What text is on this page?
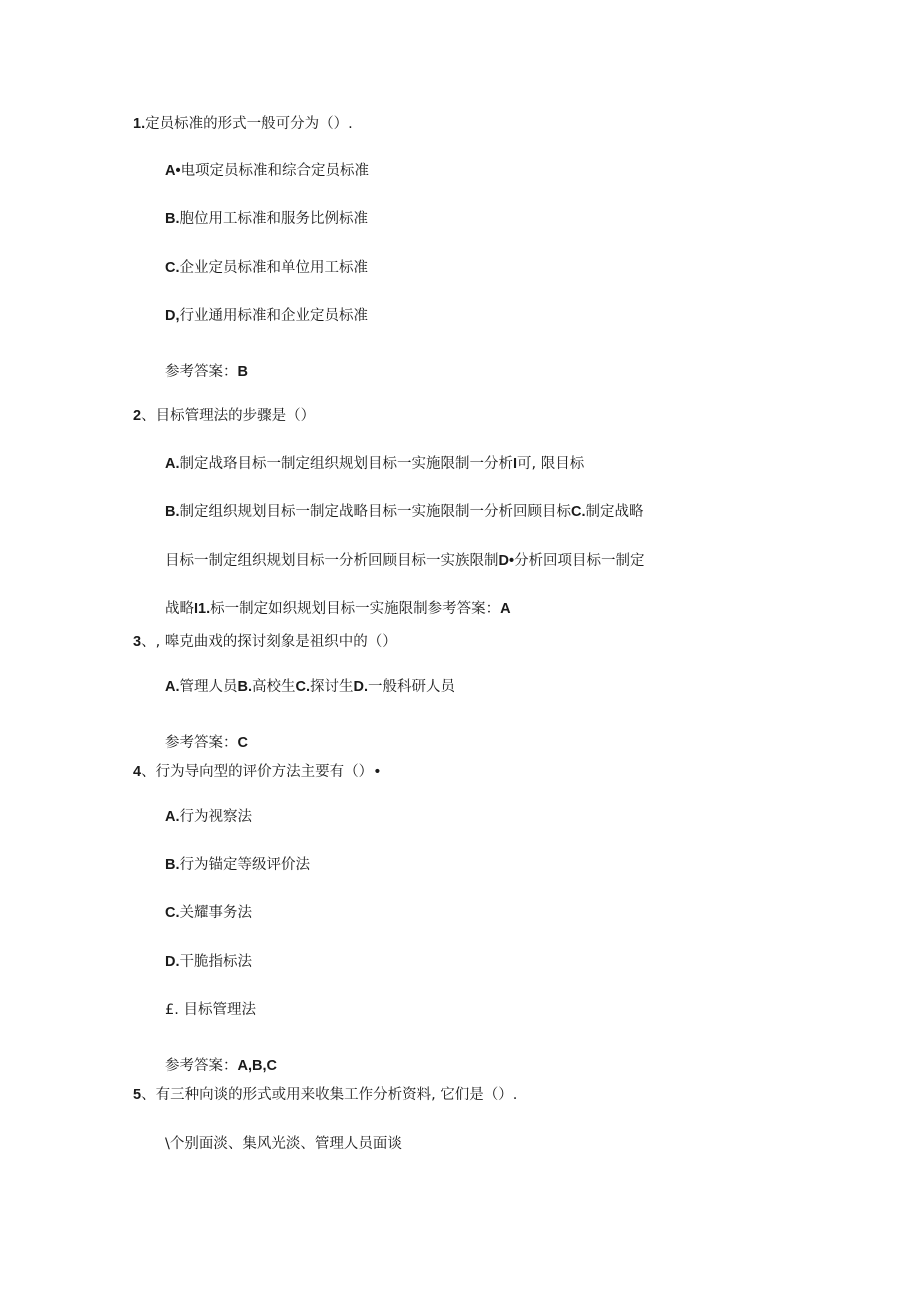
1.定员标准的形式一般可分为（）.
A•电项定员标准和综合定员标准
B.胞位用工标准和服务比例标准
C.企业定员标准和单位用工标准
D,行业通用标准和企业定员标准
参考答案：B
2、目标管理法的步骤是（）
A.制定战珞目标一制定组织规划目标一实施限制一分析I可, 限目标
B.制定组织规划目标一制定战略目标一实施限制一分析回顾目标C.制定战略
目标一制定组织规划目标一分析回顾目标一实族限制D•分析回项目标一制定
战略I1.标一制定如织规划目标一实施限制参考答案：A
3、, 嗥克曲戏的探讨刻象是祖织中的（）
A.管理人员B.高校生C.探讨生D.一般科研人员
参考答案：C
4、行为导向型的评价方法主要有（）•
A.行为视察法
B.行为锚定等级评价法
C.关耀事务法
D.干脆指标法
£. 目标管理法
参考答案：A,B,C
5、有三种向谈的形式或用来收集工作分析资料, 它们是（）.
\个别面淡、集风光淡、管理人员面谈
